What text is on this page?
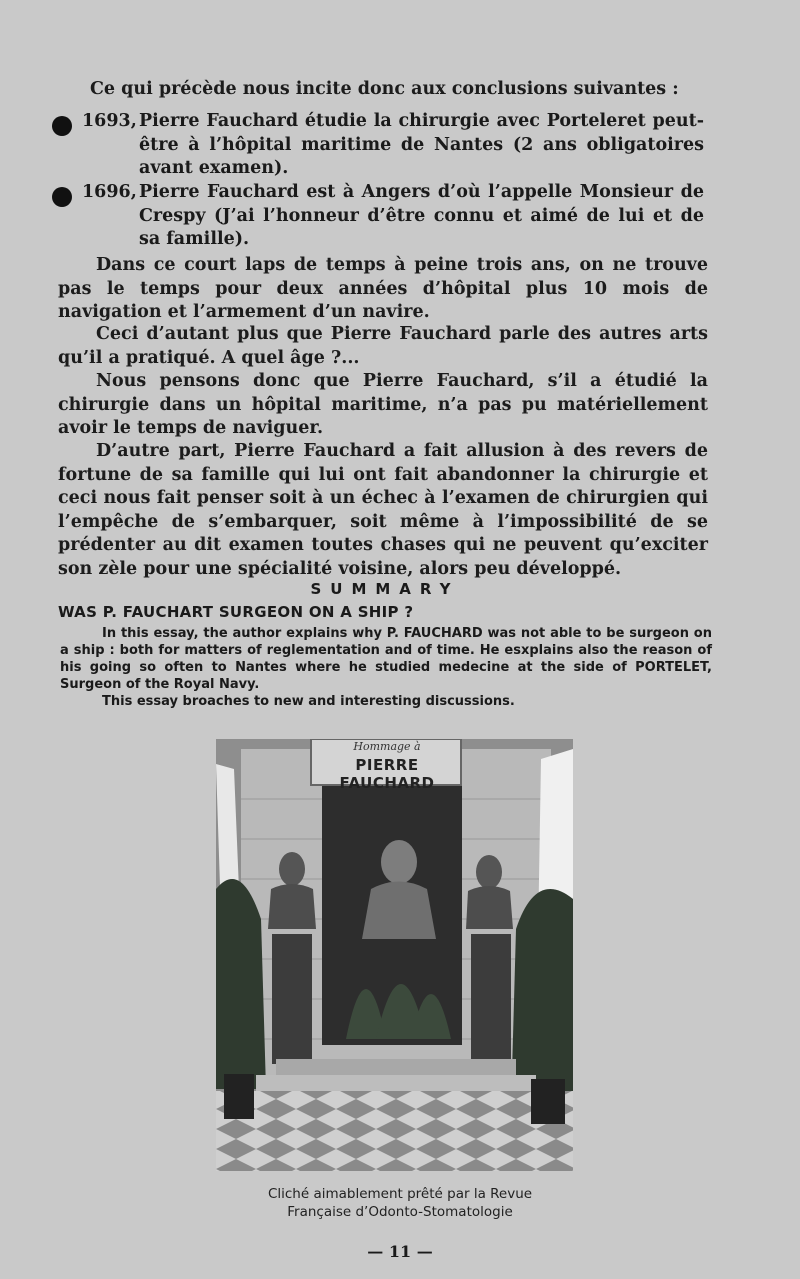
Ce qui précède nous incite donc aux conclusions suivantes :
1693, Pierre Fauchard étudie la chirurgie avec Porteleret peut-être à l’hôpital maritime de Nantes (2 ans obligatoires avant examen).
1696, Pierre Fauchard est à Angers d’où l’appelle Monsieur de Crespy (J’ai l’honneur d’être connu et aimé de lui et de sa famille).
Dans ce court laps de temps à peine trois ans, on ne trouve pas le temps pour deux années d’hôpital plus 10 mois de navigation et l’armement d’un navire.
Ceci d’autant plus que Pierre Fauchard parle des autres arts qu’il a pratiqué. A quel âge ?...
Nous pensons donc que Pierre Fauchard, s’il a étudié la chirurgie dans un hôpital maritime, n’a pas pu matériellement avoir le temps de naviguer.
D’autre part, Pierre Fauchard a fait allusion à des revers de fortune de sa famille qui lui ont fait abandonner la chirurgie et ceci nous fait penser soit à un échec à l’examen de chirurgien qui l’empêche de s’embarquer, soit même à l’impossibilité de se prédenter au dit examen toutes chases qui ne peuvent qu’exciter son zèle pour une spécialité voisine, alors peu développé.
SUMMARY
WAS P. FAUCHART SURGEON ON A SHIP ?

In this essay, the author explains why P. FAUCHARD was not able to be surgeon on a ship : both for matters of reglementation and of time. He esxplains also the reason of his going so often to Nantes where he studied medecine at the side of PORTELET, Surgeon of the Royal Navy.

This essay broaches to new and interesting discussions.

Hommage à
PIERRE FAUCHARD
Cliché aimablement prêté par la Revue
Française d’Odonto-Stomatologie
— 11 —
